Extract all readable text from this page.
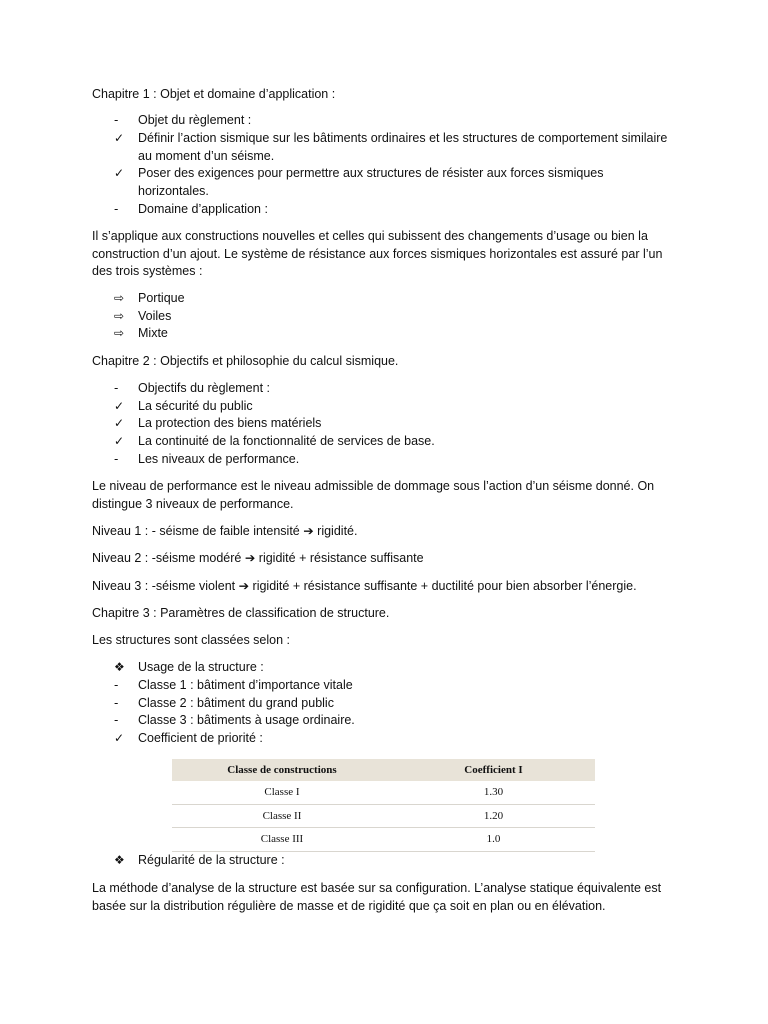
Chapitre 1 : Objet et domaine d’application :
-	Objet du règlement :
✓	Définir l’action sismique sur les bâtiments ordinaires et les structures de comportement similaire au moment d’un séisme.
✓	Poser des exigences pour permettre aux structures de résister aux forces sismiques horizontales.
-	Domaine d’application :
Il s’applique aux constructions nouvelles et celles qui subissent des changements d’usage ou bien la construction d’un ajout. Le système de résistance aux forces sismiques horizontales est assuré par l’un des trois systèmes :
⇨	Portique
⇨	Voiles
⇨	Mixte
Chapitre 2 : Objectifs et philosophie du calcul sismique.
-	Objectifs du règlement :
✓	La sécurité du public
✓	La protection des biens matériels
✓	La continuité de la fonctionnalité de services de base.
-	Les niveaux de performance.
Le niveau de performance est le niveau admissible de dommage sous l’action d’un séisme donné. On distingue 3 niveaux de performance.
Niveau 1 : - séisme de faible intensité ➔ rigidité.
Niveau 2 : -séisme modéré ➔ rigidité + résistance suffisante
Niveau 3 : -séisme violent ➔ rigidité + résistance suffisante + ductilité pour bien absorber l’énergie.
Chapitre 3 : Paramètres de classification de structure.
Les structures sont classées selon :
❖	Usage de la structure :
-	Classe 1 : bâtiment d’importance vitale
-	Classe 2 : bâtiment du grand public
-	Classe 3 : bâtiments à usage ordinaire.
✓	Coefficient de priorité :
Classe de constructions	Coefficient I
Classe I	1.30
Classe II	1.20
Classe III	1.0
❖	Régularité de la structure :
La méthode d’analyse de la structure est basée sur sa configuration. L’analyse statique équivalente est basée sur la distribution régulière de masse et de rigidité que ça soit en plan ou en élévation.
